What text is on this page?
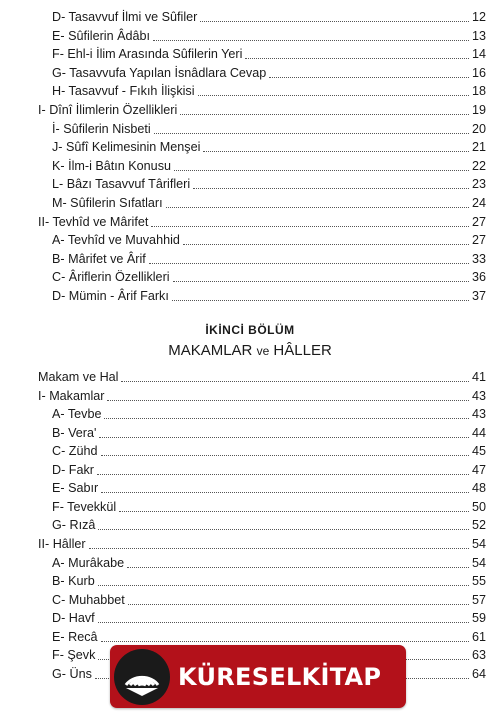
D- Tasavvuf İlmi ve Sûfiler	12
E- Sûfilerin Âdâbı	13
F- Ehl-i İlim Arasında Sûfilerin Yeri	14
G- Tasavvufa Yapılan İsnâdlara Cevap	16
H- Tasavvuf - Fıkıh İlişkisi	18
I- Dînî İlimlerin Özellikleri	19
İ- Sûfilerin Nisbeti	20
J- Sûfî Kelimesinin Menşei	21
K- İlm-i Bâtın Konusu	22
L- Bâzı Tasavvuf Târifleri	23
M- Sûfilerin Sıfatları	24
II- Tevhîd ve Mârifet	27
A- Tevhîd ve Muvahhid	27
B- Mârifet ve Ârif	33
C- Âriflerin Özellikleri	36
D- Mümin - Ârif Farkı	37
İKİNCİ BÖLÜM
MAKAMLAR ve HÂLLER
Makam ve Hal	41
I- Makamlar	43
A- Tevbe	43
B- Vera'	44
C- Zühd	45
D- Fakr	47
E- Sabır	48
F- Tevekkül	50
G- Rızâ	52
II- Hâller	54
A- Murâkabe	54
B- Kurb	55
C- Muhabbet	57
D- Havf	59
E- Recâ	61
F- Şevk	63
G- Üns	64
KÜRESELKİTAP
